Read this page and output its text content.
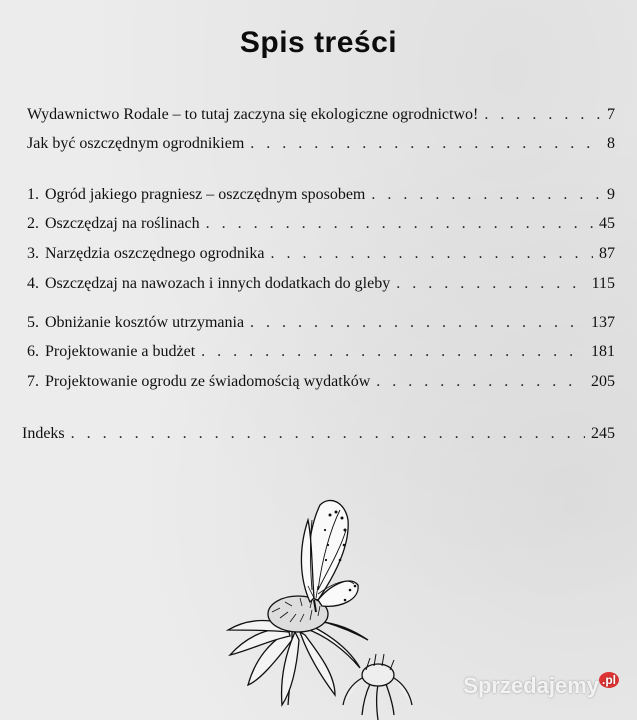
Spis treści
Wydawnictwo Rodale – to tutaj zaczyna się ekologiczne ogrodnictwo! . . .	7
Jak być oszczędnym ogrodnikiem . . .	8
1. Ogród jakiego pragniesz – oszczędnym sposobem . . .	9
2. Oszczędzaj na roślinach . . .	45
3. Narzędzia oszczędnego ogrodnika . . .	87
4. Oszczędzaj na nawozach i innych dodatkach do gleby . . .	115
5. Obniżanie kosztów utrzymania . . .	137
6. Projektowanie a budżet . . .	181
7. Projektowanie ogrodu ze świadomością wydatków . . .	205
Indeks . . .	245
Sprzedajemy $^{.pl}$
